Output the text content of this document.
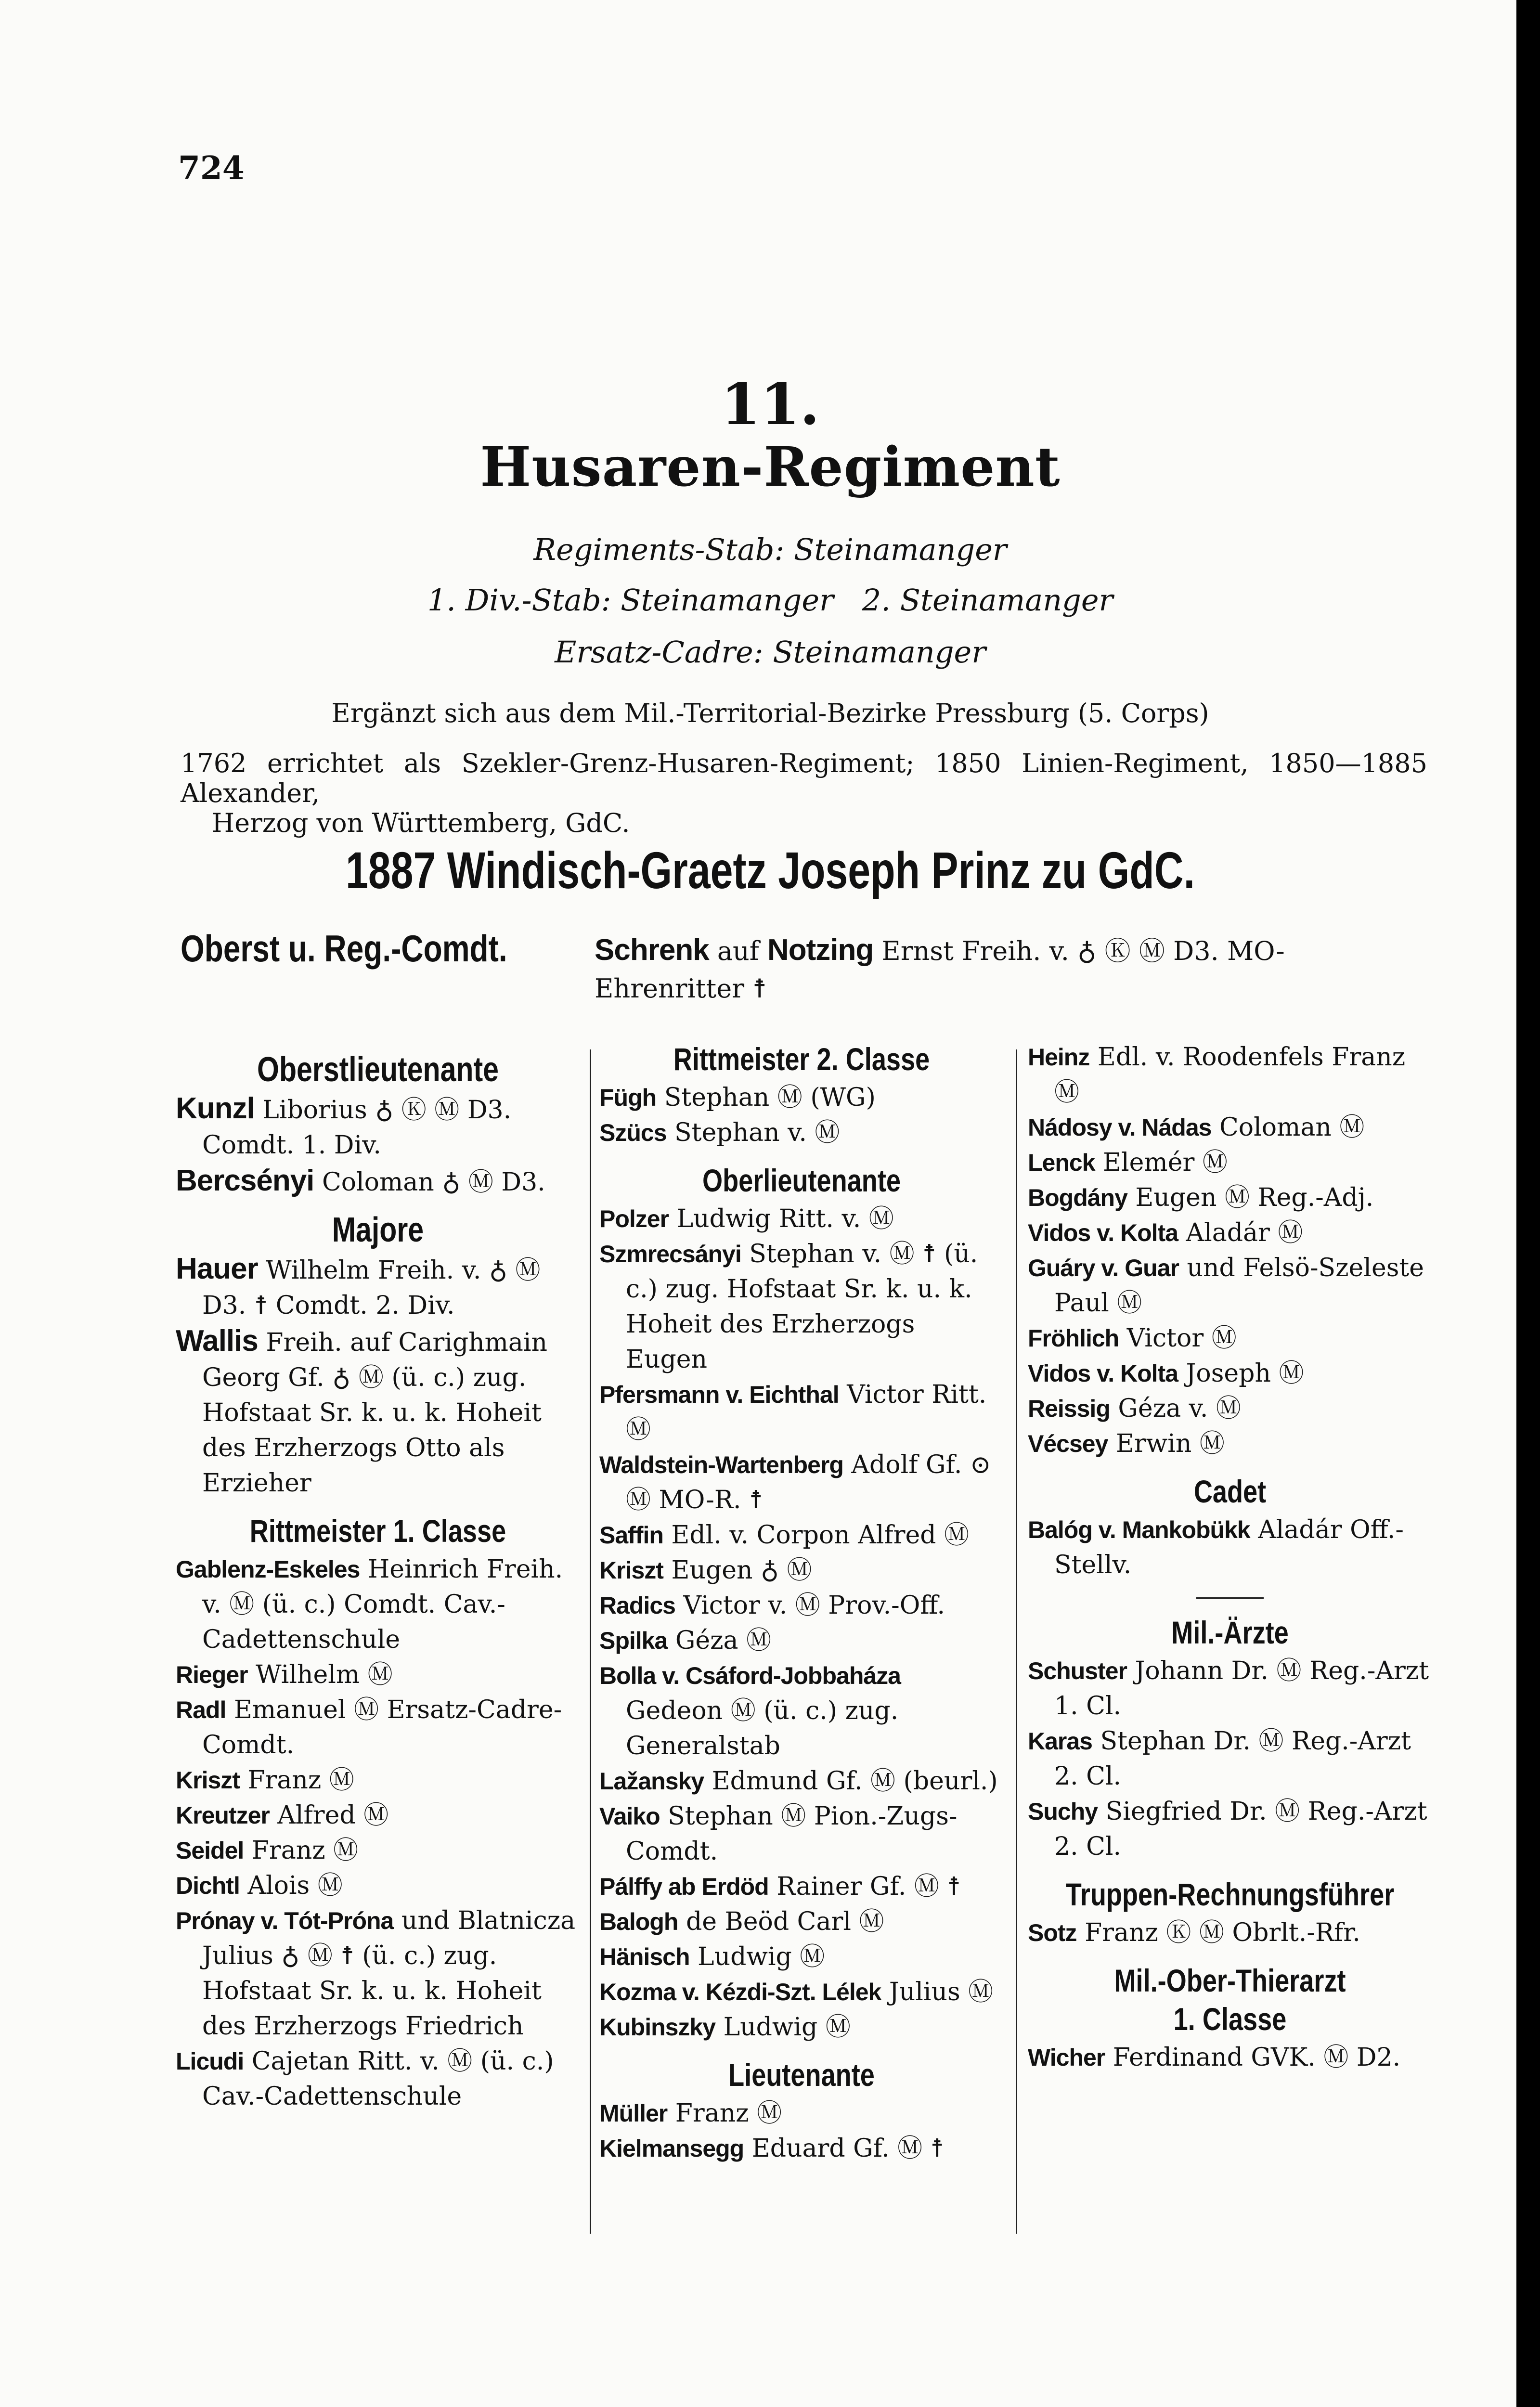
724
11.
Husaren-Regiment
Regiments-Stab: Steinamanger
1. Div.-Stab: Steinamanger   2. Steinamanger
Ersatz-Cadre: Steinamanger
Ergänzt sich aus dem Mil.-Territorial-Bezirke Pressburg (5. Corps)

1762 errichtet als Szekler-Grenz-Husaren-Regiment; 1850 Linien-Regiment, 1850—1885 Alexander,

Herzog von Württemberg, GdC.

1887 Windisch-Graetz Joseph Prinz zu GdC.
Oberst u. Reg.-Comdt.	Schrenk auf Notzing Ernst Freih. v. ♁ Ⓚ Ⓜ D3. MO-Ehrenritter ☨
Oberstlieutenante

Kunzl Liborius ♁ Ⓚ Ⓜ D3. Comdt. 1. Div.

Bercsényi Coloman ♁ Ⓜ D3.

Majore

Hauer Wilhelm Freih. v. ♁ Ⓜ D3. ☨ Comdt. 2. Div.

Wallis Freih. auf Carighmain Georg Gf. ♁ Ⓜ (ü. c.) zug. Hofstaat Sr. k. u. k. Hoheit des Erzherzogs Otto als Erzieher

Rittmeister 1. Classe

Gablenz-Eskeles Heinrich Freih. v. Ⓜ (ü. c.) Comdt. Cav.-Cadettenschule

Rieger Wilhelm Ⓜ

Radl Emanuel Ⓜ Ersatz-Cadre-Comdt.

Kriszt Franz Ⓜ

Kreutzer Alfred Ⓜ

Seidel Franz Ⓜ

Dichtl Alois Ⓜ

Prónay v. Tót-Próna und Blatnicza Julius ♁ Ⓜ ☨ (ü. c.) zug. Hofstaat Sr. k. u. k. Hoheit des Erzherzogs Friedrich

Licudi Cajetan Ritt. v. Ⓜ (ü. c.) Cav.-Cadettenschule

Rittmeister 2. Classe

Fügh Stephan Ⓜ (WG)

Szücs Stephan v. Ⓜ

Oberlieutenante

Polzer Ludwig Ritt. v. Ⓜ

Szmrecsányi Stephan v. Ⓜ ☨ (ü. c.) zug. Hofstaat Sr. k. u. k. Hoheit des Erzherzogs Eugen

Pfersmann v. Eichthal Victor Ritt. Ⓜ

Waldstein-Wartenberg Adolf Gf. ⊙ Ⓜ MO-R. ☨

Saffin Edl. v. Corpon Alfred Ⓜ

Kriszt Eugen ♁ Ⓜ

Radics Victor v. Ⓜ Prov.-Off.

Spilka Géza Ⓜ

Bolla v. Csáford-Jobbaháza Gedeon Ⓜ (ü. c.) zug. Generalstab

Lažansky Edmund Gf. Ⓜ (beurl.)

Vaiko Stephan Ⓜ Pion.-Zugs-Comdt.

Pálffy ab Erdöd Rainer Gf. Ⓜ ☨

Balogh de Beöd Carl Ⓜ

Hänisch Ludwig Ⓜ

Kozma v. Kézdi-Szt. Lélek Julius Ⓜ

Kubinszky Ludwig Ⓜ

Lieutenante

Müller Franz Ⓜ

Kielmansegg Eduard Gf. Ⓜ ☨

Heinz Edl. v. Roodenfels Franz Ⓜ

Nádosy v. Nádas Coloman Ⓜ

Lenck Elemér Ⓜ

Bogdány Eugen Ⓜ Reg.-Adj.

Vidos v. Kolta Aladár Ⓜ

Guáry v. Guar und Felsö-Szeleste Paul Ⓜ

Fröhlich Victor Ⓜ

Vidos v. Kolta Joseph Ⓜ

Reissig Géza v. Ⓜ

Vécsey Erwin Ⓜ

Cadet

Balóg v. Mankobükk Aladár Off.-Stellv.

Mil.-Ärzte

Schuster Johann Dr. Ⓜ Reg.-Arzt 1. Cl.

Karas Stephan Dr. Ⓜ Reg.-Arzt 2. Cl.

Suchy Siegfried Dr. Ⓜ Reg.-Arzt 2. Cl.

Truppen-Rechnungsführer

Sotz Franz Ⓚ Ⓜ Obrlt.-Rfr.

Mil.-Ober-Thierarzt
1. Classe

Wicher Ferdinand GVK. Ⓜ D2.
